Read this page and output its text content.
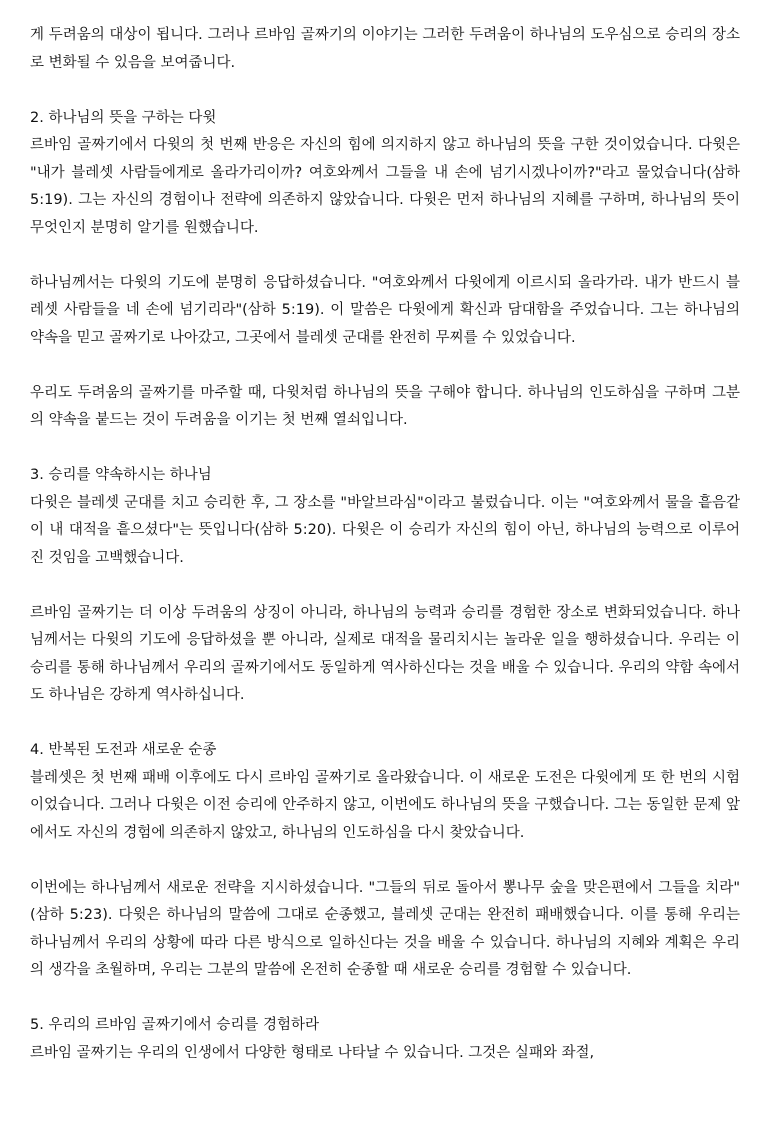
게 두려움의 대상이 됩니다. 그러나 르바임 골짜기의 이야기는 그러한 두려움이 하나님의 도우심으로 승리의 장소로 변화될 수 있음을 보여줍니다.

2. 하나님의 뜻을 구하는 다윗

르바임 골짜기에서 다윗의 첫 번째 반응은 자신의 힘에 의지하지 않고 하나님의 뜻을 구한 것이었습니다. 다윗은 "내가 블레셋 사람들에게로 올라가리이까? 여호와께서 그들을 내 손에 넘기시겠나이까?"라고 물었습니다(삼하 5:19). 그는 자신의 경험이나 전략에 의존하지 않았습니다. 다윗은 먼저 하나님의 지혜를 구하며, 하나님의 뜻이 무엇인지 분명히 알기를 원했습니다.

하나님께서는 다윗의 기도에 분명히 응답하셨습니다. "여호와께서 다윗에게 이르시되 올라가라. 내가 반드시 블레셋 사람들을 네 손에 넘기리라"(삼하 5:19). 이 말씀은 다윗에게 확신과 담대함을 주었습니다. 그는 하나님의 약속을 믿고 골짜기로 나아갔고, 그곳에서 블레셋 군대를 완전히 무찌를 수 있었습니다.

우리도 두려움의 골짜기를 마주할 때, 다윗처럼 하나님의 뜻을 구해야 합니다. 하나님의 인도하심을 구하며 그분의 약속을 붙드는 것이 두려움을 이기는 첫 번째 열쇠입니다.

3. 승리를 약속하시는 하나님

다윗은 블레셋 군대를 치고 승리한 후, 그 장소를 "바알브라심"이라고 불렀습니다. 이는 "여호와께서 물을 흩음같이 내 대적을 흩으셨다"는 뜻입니다(삼하 5:20). 다윗은 이 승리가 자신의 힘이 아닌, 하나님의 능력으로 이루어진 것임을 고백했습니다.

르바임 골짜기는 더 이상 두려움의 상징이 아니라, 하나님의 능력과 승리를 경험한 장소로 변화되었습니다. 하나님께서는 다윗의 기도에 응답하셨을 뿐 아니라, 실제로 대적을 물리치시는 놀라운 일을 행하셨습니다. 우리는 이 승리를 통해 하나님께서 우리의 골짜기에서도 동일하게 역사하신다는 것을 배울 수 있습니다. 우리의 약함 속에서도 하나님은 강하게 역사하십니다.

4. 반복된 도전과 새로운 순종

블레셋은 첫 번째 패배 이후에도 다시 르바임 골짜기로 올라왔습니다. 이 새로운 도전은 다윗에게 또 한 번의 시험이었습니다. 그러나 다윗은 이전 승리에 안주하지 않고, 이번에도 하나님의 뜻을 구했습니다. 그는 동일한 문제 앞에서도 자신의 경험에 의존하지 않았고, 하나님의 인도하심을 다시 찾았습니다.

이번에는 하나님께서 새로운 전략을 지시하셨습니다. "그들의 뒤로 돌아서 뽕나무 숲을 맞은편에서 그들을 치라"(삼하 5:23). 다윗은 하나님의 말씀에 그대로 순종했고, 블레셋 군대는 완전히 패배했습니다. 이를 통해 우리는 하나님께서 우리의 상황에 따라 다른 방식으로 일하신다는 것을 배울 수 있습니다. 하나님의 지혜와 계획은 우리의 생각을 초월하며, 우리는 그분의 말씀에 온전히 순종할 때 새로운 승리를 경험할 수 있습니다.

5. 우리의 르바임 골짜기에서 승리를 경험하라

르바임 골짜기는 우리의 인생에서 다양한 형태로 나타날 수 있습니다. 그것은 실패와 좌절,
